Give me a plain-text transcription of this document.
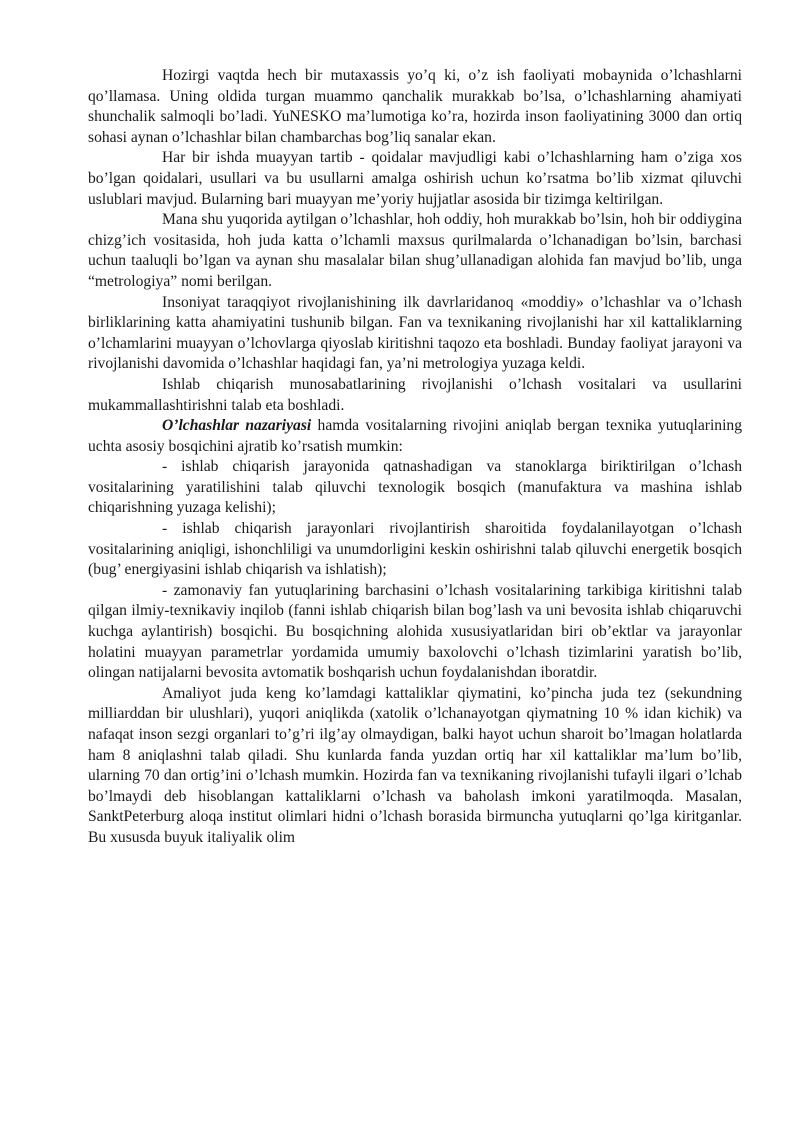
Hozirgi vaqtda hech bir mutaxassis yo’q ki, o’z ish faoliyati mobaynida o’lchashlarni qo’llamasa. Uning oldida turgan muammo qanchalik murakkab bo’lsa, o’lchashlarning ahamiyati shunchalik salmoqli bo’ladi. YuNESKO ma’lumotiga ko’ra, hozirda inson faoliyatining 3000 dan ortiq sohasi aynan o’lchashlar bilan chambarchas bog’liq sanalar ekan.

Har bir ishda muayyan tartib - qoidalar mavjudligi kabi o’lchashlarning ham o’ziga xos bo’lgan qoidalari, usullari va bu usullarni amalga oshirish uchun ko’rsatma bo’lib xizmat qiluvchi uslublari mavjud. Bularning bari muayyan me’yoriy hujjatlar asosida bir tizimga keltirilgan.

Mana shu yuqorida aytilgan o’lchashlar, hoh oddiy, hoh murakkab bo’lsin, hoh bir oddiygina chizg’ich vositasida, hoh juda katta o’lchamli maxsus qurilmalarda o’lchanadigan bo’lsin, barchasi uchun taaluqli bo’lgan va aynan shu masalalar bilan shug’ullanadigan alohida fan mavjud bo’lib, unga “metrologiya” nomi berilgan.

Insoniyat taraqqiyot rivojlanishining ilk davrlaridanoq «moddiy» o’lchashlar va o’lchash birliklarining katta ahamiyatini tushunib bilgan. Fan va texnikaning rivojlanishi har xil kattaliklarning o’lchamlarini muayyan o’lchovlarga qiyoslab kiritishni taqozo eta boshladi. Bunday faoliyat jarayoni va rivojlanishi davomida o’lchashlar haqidagi fan, ya’ni metrologiya yuzaga keldi.

Ishlab chiqarish munosabatlarining rivojlanishi o’lchash vositalari va usullarini mukammallashtirishni talab eta boshladi.

O’lchashlar nazariyasi hamda vositalarning rivojini aniqlab bergan texnika yutuqlarining uchta asosiy bosqichini ajratib ko’rsatish mumkin:

- ishlab chiqarish jarayonida qatnashadigan va stanoklarga biriktirilgan o’lchash vositalarining yaratilishini talab qiluvchi texnologik bosqich (manufaktura va mashina ishlab chiqarishning yuzaga kelishi);

- ishlab chiqarish jarayonlari rivojlantirish sharoitida foydalanilayotgan o’lchash vositalarining aniqligi, ishonchliligi va unumdorligini keskin oshirishni talab qiluvchi energetik bosqich (bug’ energiyasini ishlab chiqarish va ishlatish);

- zamonaviy fan yutuqlarining barchasini o’lchash vositalarining tarkibiga kiritishni talab qilgan ilmiy-texnikaviy inqilob (fanni ishlab chiqarish bilan bog’lash va uni bevosita ishlab chiqaruvchi kuchga aylantirish) bosqichi. Bu bosqichning alohida xususiyatlaridan biri ob’ektlar va jarayonlar holatini muayyan parametrlar yordamida umumiy baxolovchi o’lchash tizimlarini yaratish bo’lib, olingan natijalarni bevosita avtomatik boshqarish uchun foydalanishdan iboratdir.

Amaliyot juda keng ko’lamdagi kattaliklar qiymatini, ko’pincha juda tez (sekundning milliarddan bir ulushlari), yuqori aniqlikda (xatolik o’lchanayotgan qiymatning 10 % idan kichik) va nafaqat inson sezgi organlari to’g’ri ilg’ay olmaydigan, balki hayot uchun sharoit bo’lmagan holatlarda ham 8 aniqlashni talab qiladi. Shu kunlarda fanda yuzdan ortiq har xil kattaliklar ma’lum bo’lib, ularning 70 dan ortig’ini o’lchash mumkin. Hozirda fan va texnikaning rivojlanishi tufayli ilgari o’lchab bo’lmaydi deb hisoblangan kattaliklarni o’lchash va baholash imkoni yaratilmoqda. Masalan, SanktPeterburg aloqa institut olimlari hidni o’lchash borasida birmuncha yutuqlarni qo’lga kiritganlar. Bu xususda buyuk italiyalik olim
